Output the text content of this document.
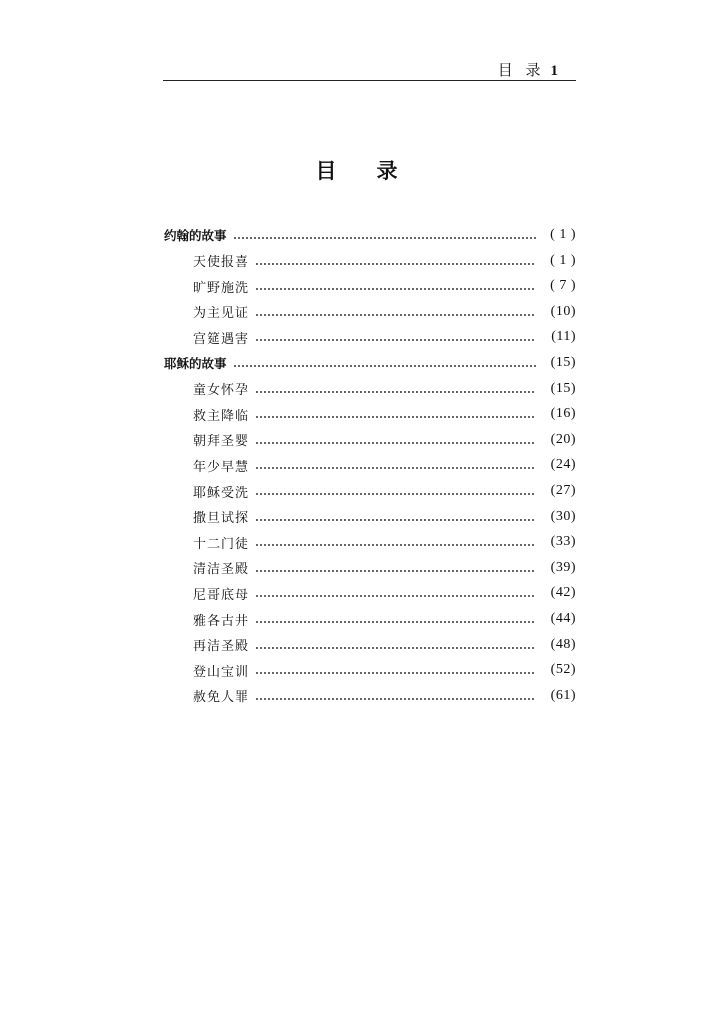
目 录 1
目录
约翰的故事	( 1 )
天使报喜	( 1 )
旷野施洗	( 7 )
为主见证	(10)
宫筵遇害	(11)
耶稣的故事	(15)
童女怀孕	(15)
救主降临	(16)
朝拜圣婴	(20)
年少早慧	(24)
耶稣受洗	(27)
撒旦试探	(30)
十二门徒	(33)
清洁圣殿	(39)
尼哥底母	(42)
雅各古井	(44)
再洁圣殿	(48)
登山宝训	(52)
赦免人罪	(61)
